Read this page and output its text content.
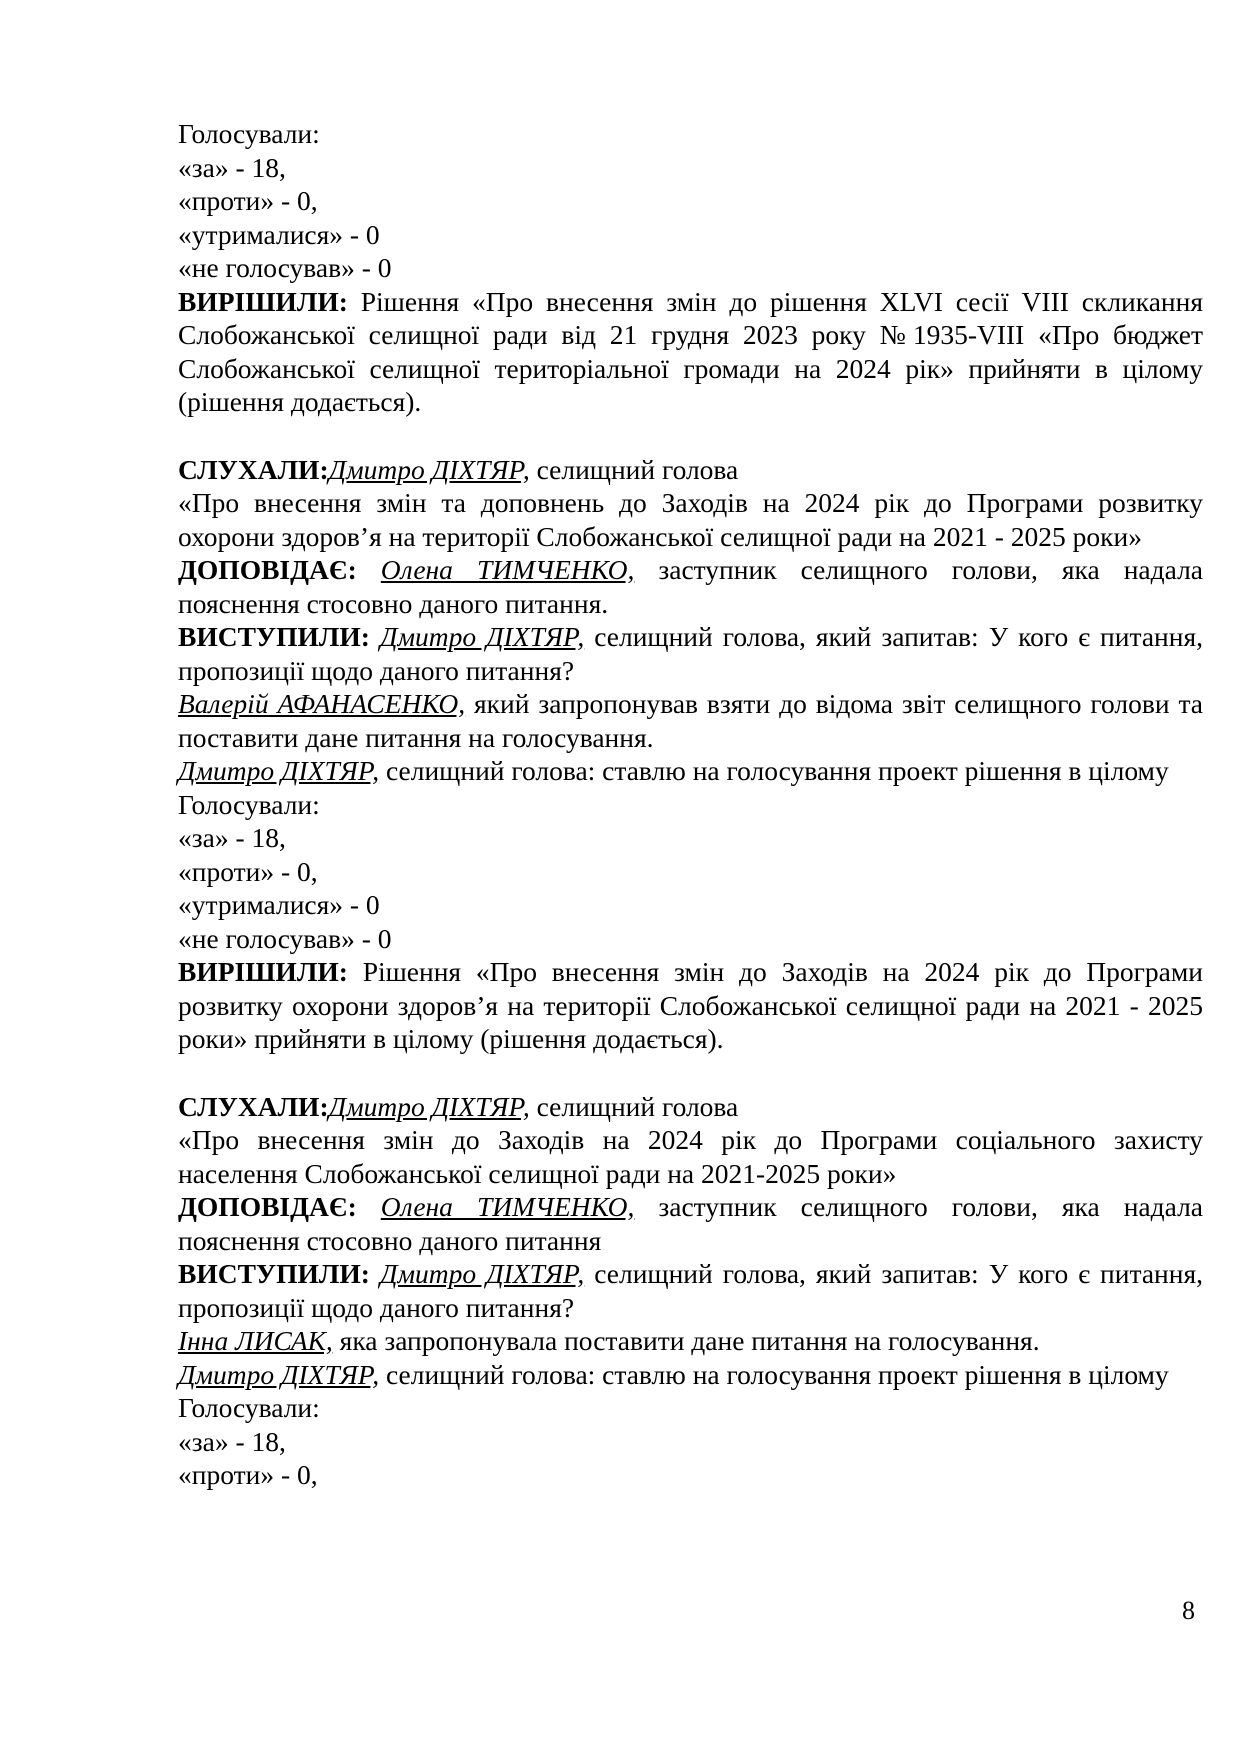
Голосували:
«за» - 18,
«проти» - 0,
«утрималися» - 0
«не голосував» - 0
ВИРІШИЛИ: Рішення «Про внесення змін до рішення XLVI сесії VIII скликання Слобожанської селищної ради від 21 грудня 2023 року №1935-VIII «Про бюджет Слобожанської селищної територіальної громади на 2024 рік» прийняти в цілому (рішення додається).
СЛУХАЛИ:Дмитро ДІХТЯР, селищний голова
«Про внесення змін та доповнень до Заходів на 2024 рік до Програми розвитку охорони здоров’я на території Слобожанської селищної ради на 2021 - 2025 роки»
ДОПОВІДАЄ: Олена ТИМЧЕНКО, заступник селищного голови, яка надала пояснення стосовно даного питання.
ВИСТУПИЛИ: Дмитро ДІХТЯР, селищний голова, який запитав: У кого є питання, пропозиції щодо даного питання?
Валерій АФАНАСЕНКО, який запропонував взяти до відома звіт селищного голови та поставити дане питання на голосування.
Дмитро ДІХТЯР, селищний голова: ставлю на голосування проект рішення в цілому
Голосували:
«за» - 18,
«проти» - 0,
«утрималися» - 0
«не голосував» - 0
ВИРІШИЛИ: Рішення «Про внесення змін до Заходів на 2024 рік до Програми розвитку охорони здоров’я на території Слобожанської селищної ради на 2021 - 2025 роки» прийняти в цілому (рішення додається).
СЛУХАЛИ:Дмитро ДІХТЯР, селищний голова
«Про внесення змін до Заходів на 2024 рік до Програми соціального захисту населення Слобожанської селищної ради на 2021-2025 роки»
ДОПОВІДАЄ: Олена ТИМЧЕНКО, заступник селищного голови, яка надала пояснення стосовно даного питання
ВИСТУПИЛИ: Дмитро ДІХТЯР, селищний голова, який запитав: У кого є питання, пропозиції щодо даного питання?
Інна ЛИСАК, яка запропонувала поставити дане питання на голосування.
Дмитро ДІХТЯР, селищний голова: ставлю на голосування проект рішення в цілому
Голосували:
«за» - 18,
«проти» - 0,
8
